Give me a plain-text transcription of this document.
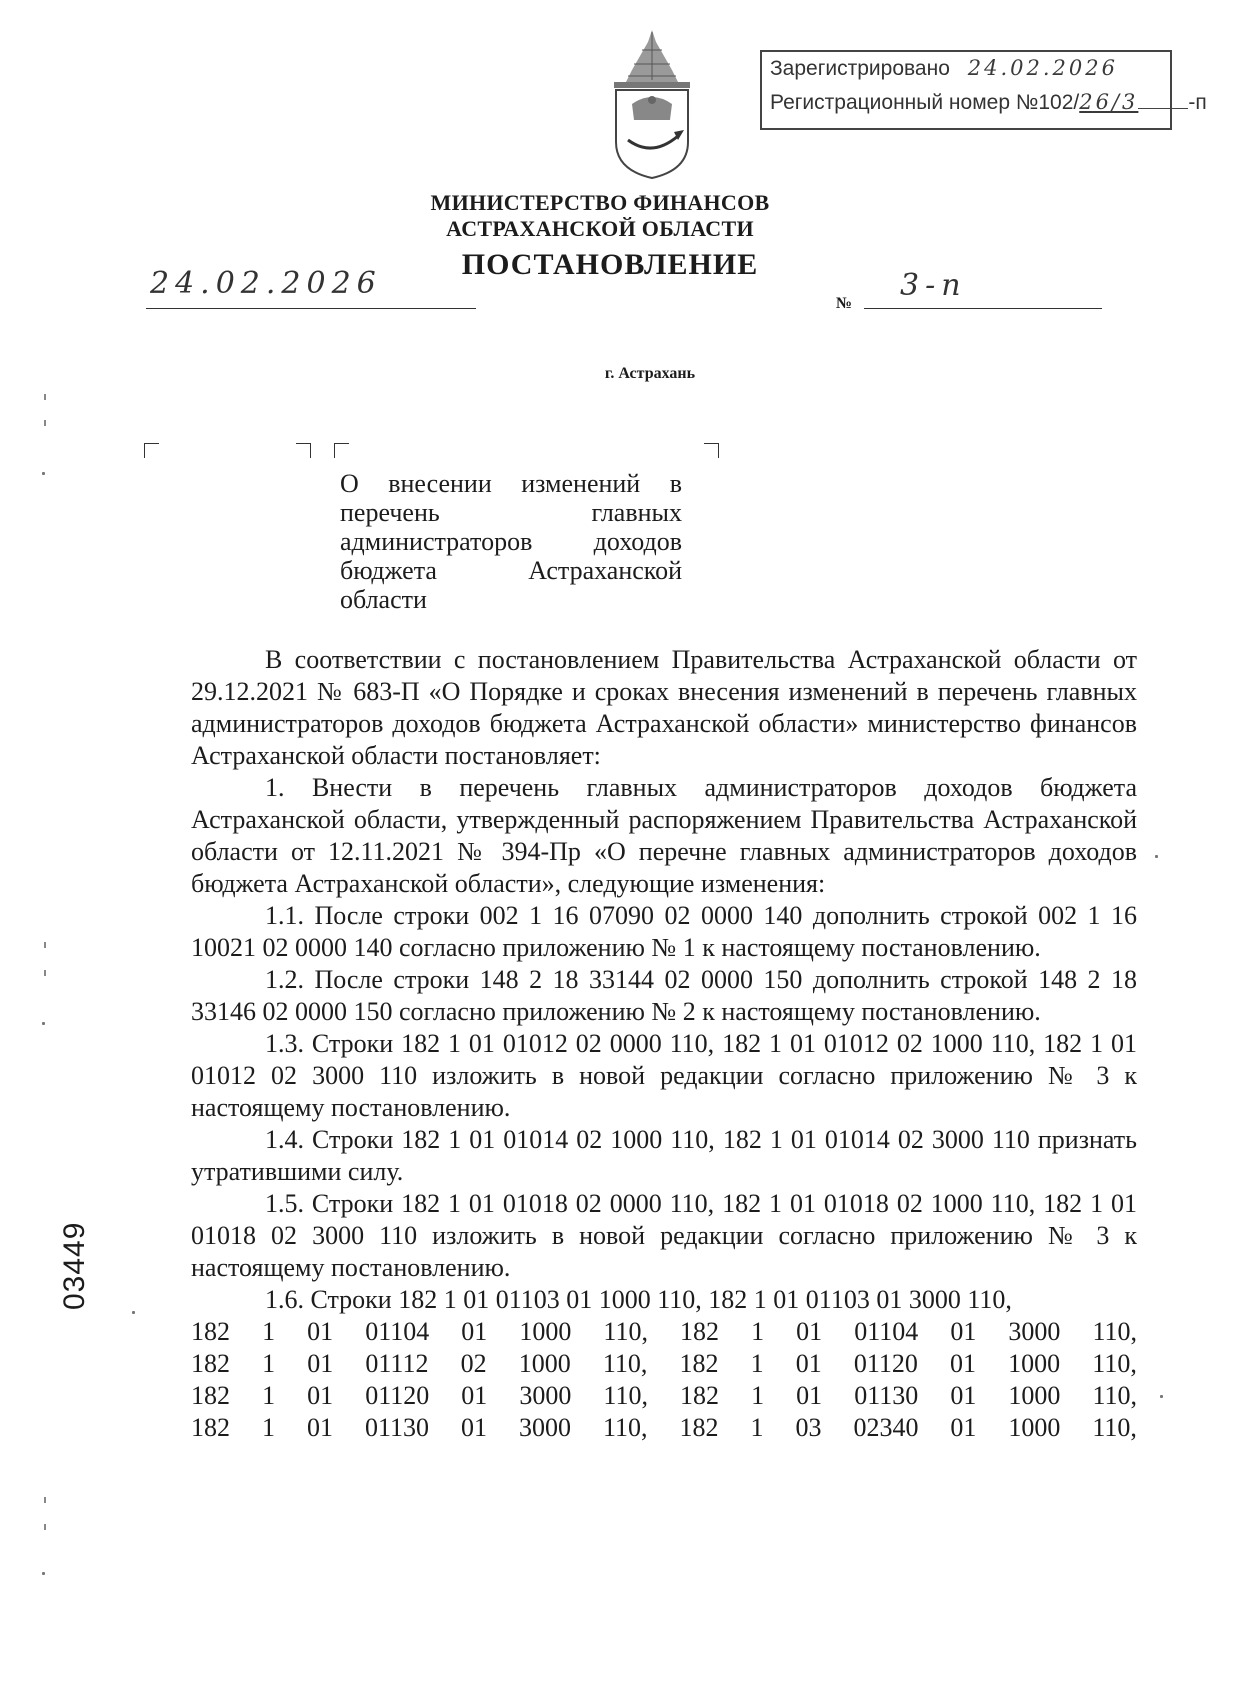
Зарегистрировано 24.02.2026
Регистрационный номер №102/26/3 -п
МИНИСТЕРСТВО ФИНАНСОВ
АСТРАХАНСКОЙ ОБЛАСТИ
ПОСТАНОВЛЕНИЕ
24.02.2026
№
3-п
г. Астрахань
О внесении изменений в
перечень	главных
администраторов доходов
бюджета	Астраханской
области

В соответствии с постановлением Правительства Астраханской области от 29.12.2021 № 683-П «О Порядке и сроках внесения изменений в перечень главных администраторов доходов бюджета Астраханской области» министерство финансов Астраханской области постановляет:

1. Внести в перечень главных администраторов доходов бюджета Астраханской области, утвержденный распоряжением Правительства Астраханской области от 12.11.2021 № 394-Пр «О перечне главных администраторов доходов бюджета Астраханской области», следующие изменения:

1.1. После строки 002 1 16 07090 02 0000 140 дополнить строкой 002 1 16 10021 02 0000 140 согласно приложению № 1 к настоящему постановлению.

1.2. После строки 148 2 18 33144 02 0000 150 дополнить строкой 148 2 18 33146 02 0000 150 согласно приложению № 2 к настоящему постановлению.

1.3. Строки 182 1 01 01012 02 0000 110, 182 1 01 01012 02 1000 110, 182 1 01 01012 02 3000 110 изложить в новой редакции согласно приложению № 3 к настоящему постановлению.

1.4. Строки 182 1 01 01014 02 1000 110, 182 1 01 01014 02 3000 110 признать утратившими силу.

1.5. Строки 182 1 01 01018 02 0000 110, 182 1 01 01018 02 1000 110, 182 1 01 01018 02 3000 110 изложить в новой редакции согласно приложению № 3 к настоящему постановлению.

1.6. Строки 182 1 01 01103 01 1000 110, 182 1 01 01103 01 3000 110,

182 1 01 01104 01 1000 110, 182 1 01 01104 01 3000 110,
182 1 01 01112 02 1000 110, 182 1 01 01120 01 1000 110,
182 1 01 01120 01 3000 110, 182 1 01 01130 01 1000 110,
182 1 01 01130 01 3000 110, 182 1 03 02340 01 1000 110,
03449
